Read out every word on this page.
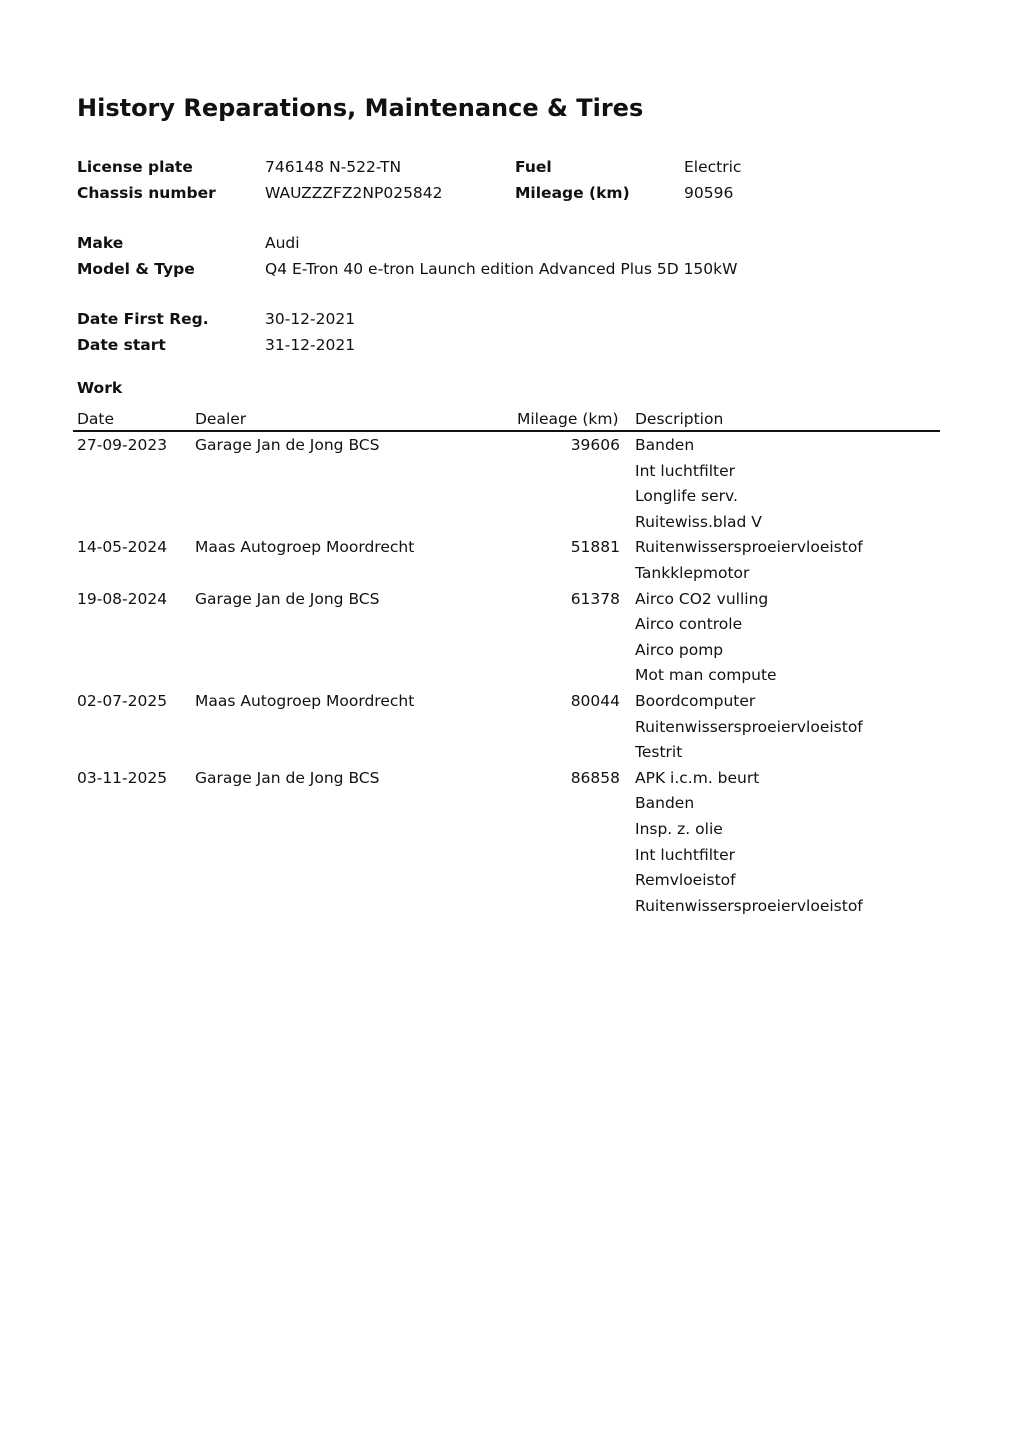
History Reparations, Maintenance & Tires
License plate	746148 N-522-TN	Fuel	Electric
Chassis number	WAUZZZFZ2NP025842	Mileage (km)	90596
Make	Audi
Model & Type	Q4 E-Tron 40 e-tron Launch edition Advanced Plus 5D 150kW
Date First Reg.	30-12-2021
Date start	31-12-2021
Work
Date	Dealer	Mileage (km) Description
27-09-2023 Garage Jan de Jong BCS	39606 Banden
Int luchtfilter
Longlife serv.
Ruitewiss.blad V
14-05-2024 Maas Autogroep Moordrecht	51881 Ruitenwissersproeiervloeistof
Tankklepmotor
19-08-2024 Garage Jan de Jong BCS	61378 Airco CO2 vulling
Airco controle
Airco pomp
Mot man compute
02-07-2025 Maas Autogroep Moordrecht	80044 Boordcomputer
Ruitenwissersproeiervloeistof
Testrit
03-11-2025 Garage Jan de Jong BCS	86858 APK i.c.m. beurt
Banden
Insp. z. olie
Int luchtfilter
Remvloeistof
Ruitenwissersproeiervloeistof
